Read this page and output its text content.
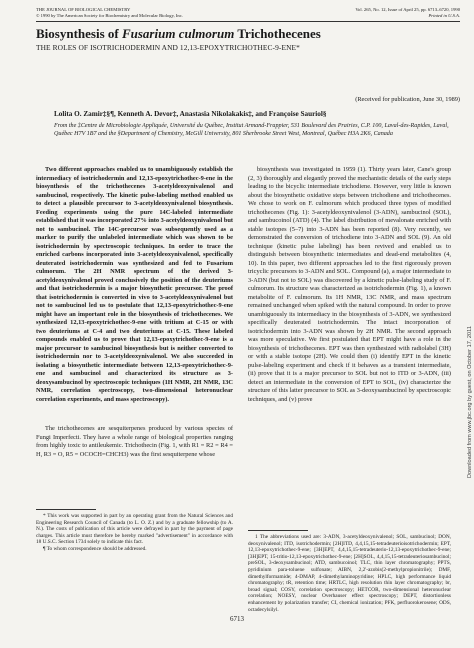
THE JOURNAL OF BIOLOGICAL CHEMISTRY
© 1990 by The American Society for Biochemistry and Molecular Biology, Inc.
Vol. 265, No. 12, Issue of April 25, pp. 6713–6720, 1990
Printed in U.S.A.
Biosynthesis of Fusarium culmorum Trichothecenes
THE ROLES OF ISOTRICHODERMIN AND 12,13-EPOXYTRICHOTHEC-9-ENE*
(Received for publication, June 30, 1989)
Lolita O. Zamir‡§¶, Kenneth A. Devor‡, Anastasia Nikolakakis‡, and Françoise Sauriol§
From the ‡Centre de Microbiologie Appliquée, Université du Québec, Institut Armand-Frappier, 531 Boulevard des Prairies, C.P. 100, Laval-des-Rapides, Laval, Québec H7V 1B7 and the §Department of Chemistry, McGill University, 801 Sherbrooke Street West, Montreal, Québec H3A 2K6, Canada

Two different approaches enabled us to unambiguously establish the intermediacy of isotrichodermin and 12,13-epoxytrichothec-9-ene in the biosynthesis of the trichothecenes 3-acetyldeoxynivalenol and sambucinol, respectively. The kinetic pulse-labeling method enabled us to detect a plausible precursor to 3-acetyldeoxynivalenol biosynthesis. Feeding experiments using the pure 14C-labeled intermediate established that it was incorporated 27% into 3-acetyldeoxynivalenol but not to sambucinol. The 14C-precursor was subsequently used as a marker to purify the unlabeled intermediate which was shown to be isotrichodermin by spectroscopic techniques. In order to trace the enriched carbons incorporated into 3-acetyldeoxynivalenol, specifically deuterated isotrichodermin was synthesized and fed to Fusarium culmorum. The 2H NMR spectrum of the derived 3-acetyldeoxynivalenol proved conclusively the position of the deuteriums and that isotrichodermin is a major biosynthetic precursor. The proof that isotrichodermin is converted in vivo to 3-acetyldeoxynivalenol but not to sambucinol led us to postulate that 12,13-epoxytrichothec-9-ene might have an important role in the biosynthesis of trichothecenes. We synthesized 12,13-epoxytrichothec-9-ene with tritium at C-15 or with two deuteriums at C-4 and two deuteriums at C-15. These labeled compounds enabled us to prove that 12,13-epoxytrichothec-9-ene is a major precursor to sambucinol biosynthesis but is neither converted to isotrichodermin nor to 3-acetyldeoxynivalenol. We also succeeded in isolating a biosynthetic intermediate between 12,13-epoxytrichothec-9-ene and sambucinol and characterized its structure as 3-deoxysambucinol by spectroscopic techniques (1H NMR, 2H NMR, 13C NMR, correlation spectroscopy, two-dimensional heteronuclear correlation experiments, and mass spectroscopy).

The trichothecenes are sesquiterpenes produced by various species of Fungi Imperfecti. They have a whole range of biological properties ranging from highly toxic to antileukemic. Trichothecin (Fig. 1, with R1 = R2 = R4 = H, R3 = O, R5 = OCOCH=CHCH3) was the first sesquiterpene whose

* This work was supported in part by an operating grant from the Natural Sciences and Engineering Research Council of Canada (to L. O. Z.) and by a graduate fellowship (to A. N.). The costs of publication of this article were defrayed in part by the payment of page charges. This article must therefore be hereby marked "advertisement" in accordance with 18 U.S.C. Section 1734 solely to indicate this fact.

¶ To whom correspondence should be addressed.

biosynthesis was investigated in 1959 (1). Thirty years later, Cane's group (2, 3) thoroughly and elegantly proved the mechanistic details of the early steps leading to the bicyclic intermediate trichodiene. However, very little is known about the biosynthetic oxidative steps between trichodiene and trichothecenes. We chose to work on F. culmorum which produced three types of modified trichothecenes (Fig. 1): 3-acetyldeoxynivalenol (3-ADN), sambucinol (SOL), and sambucoinol (ATD) (4). The label distribution of mevalonate enriched with stable isotopes (5–7) into 3-ADN has been reported (8). Very recently, we demonstrated the conversion of trichodiene into 3-ADN and SOL (9). An old technique (kinetic pulse labeling) has been revived and enabled us to distinguish between biosynthetic intermediates and dead-end metabolites (4, 10). In this paper, two different approaches led to the first rigorously proven tricyclic precursors to 3-ADN and SOL. Compound (a), a major intermediate to 3-ADN (but not to SOL) was discovered by a kinetic pulse-labeling study of F. culmorum. Its structure was characterized as isotrichodermin (Fig. 1), a known metabolite of F. culmorum. Its 1H NMR, 13C NMR, and mass spectrum remained unchanged when spiked with the natural compound. In order to prove unambiguously its intermediacy in the biosynthesis of 3-ADN, we synthesized specifically deuterated isotrichodermin. The intact incorporation of isotrichodermin into 3-ADN was shown by 2H NMR. The second approach was more speculative. We first postulated that EPT might have a role in the biosynthesis of trichothecenes. EPT was then synthesized with radiolabel (3H) or with a stable isotope (2H). We could then (i) identify EPT in the kinetic pulse-labeling experiment and check if it behaves as a transient intermediate, (ii) prove that it is a major precursor to SOL but not to ITD or 3-ADN, (iii) detect an intermediate in the conversion of EPT to SOL, (iv) characterize the structure of this latter precursor to SOL as 3-deoxysambucinol by spectroscopic techniques, and (v) prove

1 The abbreviations used are: 3-ADN, 3-acetyldeoxynivalenol; SOL, sambucinol; DON, deoxynivalenol; ITD, isotrichodermin; [2H]ITD, 4,4,15,15-tetradeuterioisotrichodermin; EPT, 12,13-epoxytrichothec-9-ene; [3H]EPT, 4,4,15,15-tetradeuterio-12,13-epoxytrichothec-9-ene; [3H]EPT, 15-tritio-12,13-epoxytrichothec-9-ene; [2H]SOL, 4,4,15,15-tetradeuteriosambucinol; preSOL, 3-deoxysambucinol; ATD, sambucoinol; TLC, thin layer chromatography; PPTS, pyridinium para-toluene sulfonate; AIBN, 2,2'-azobis(2-methylpropionitrile); DMF, dimethylformamide; 4-DMAP, 4-dimethylaminopyridine; HPLC, high performance liquid chromatography; tR, retention time; HRTLC, high resolution thin layer chromatography; br, broad signal; COSY, correlation spectroscopy; HETCOR, two-dimensional heteronuclear correlation; NOESY, nuclear Overhauser effect spectroscopy; DEPT, distortionless enhancement by polarization transfer; CI, chemical ionization; PFK, perfluorokerosene; ODS, octadecylsilyl.

6713
Downloaded from www.jbc.org by guest, on October 17, 2011
